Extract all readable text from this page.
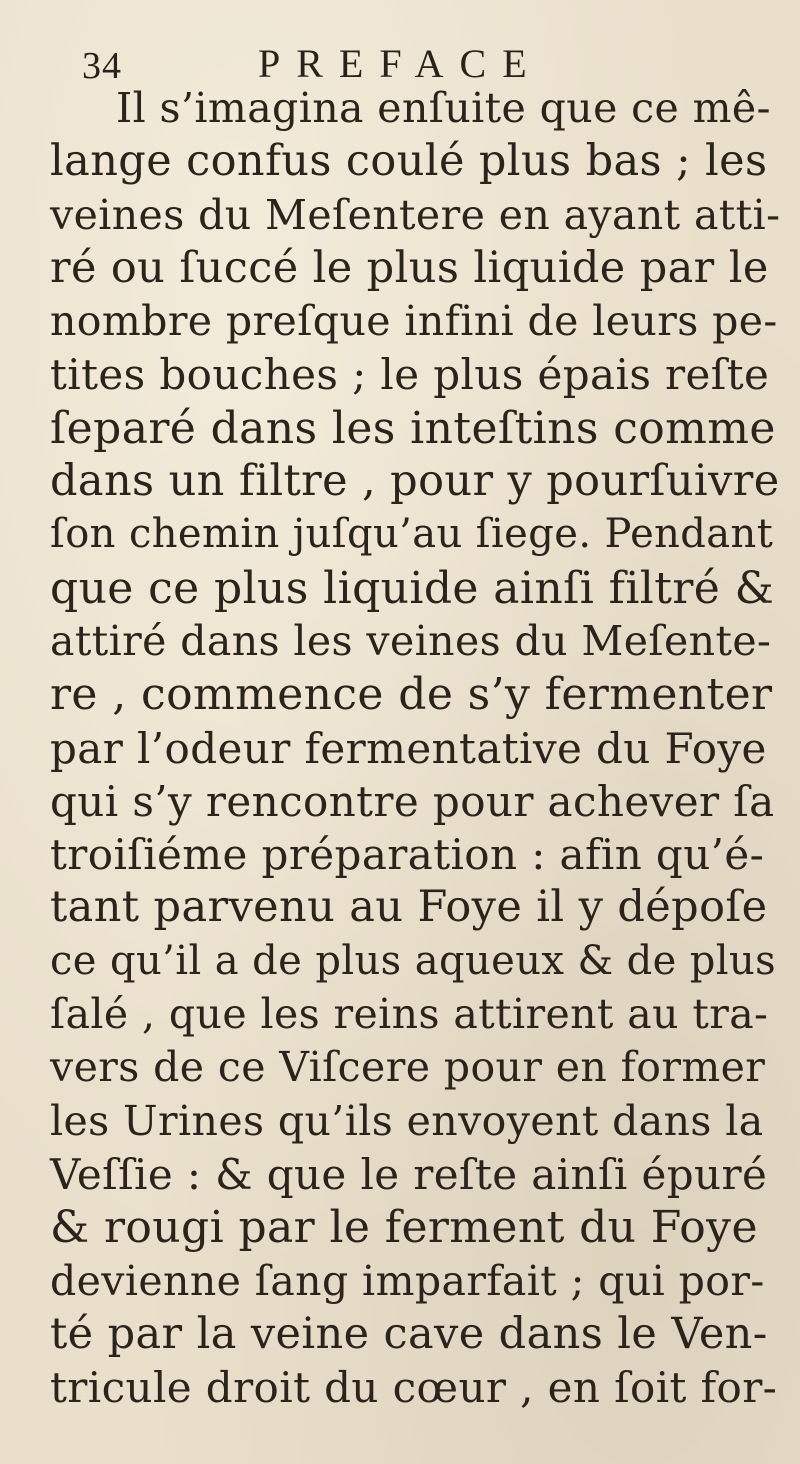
34	PREFACE
Il s’imagina enſuite que ce mê-
lange confus coulé plus bas ; les
veines du Meſentere en ayant atti-
ré ou ſuccé le plus liquide par le
nombre preſque infini de leurs pe-
tites bouches ; le plus épais reſte
ſeparé dans les inteſtins comme
dans un filtre , pour y pourſuivre
ſon chemin juſqu’au ſiege. Pendant
que ce plus liquide ainſi filtré &
attiré dans les veines du Meſente-
re , commence de s’y fermenter
par l’odeur fermentative du Foye
qui s’y rencontre pour achever ſa
troiſiéme préparation : afin qu’é-
tant parvenu au Foye il y dépoſe
ce qu’il a de plus aqueux & de plus
ſalé , que les reins attirent au tra-
vers de ce Viſcere pour en former
les Urines qu’ils envoyent dans la
Veſſie : & que le reſte ainſi épuré
& rougi par le ferment du Foye
devienne ſang imparfait ; qui por-
té par la veine cave dans le Ven-
tricule droit du cœur , en ſoit for-
